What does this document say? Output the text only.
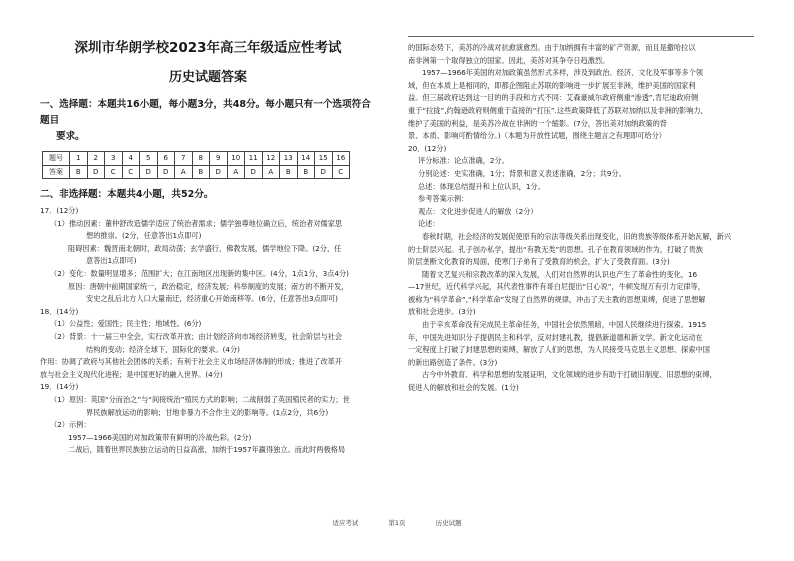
深圳市华朗学校2023年高三年级适应性考试
历史试题答案
一、选择题：本题共16小题，每小题3分，共48分。每小题只有一个选项符合题目
要求。
题号	1	2	3	4	5	6	7	8	9	10	11	12	13	14	15	16
答案	B	D	C	C	D	D	A	B	D	A	D	A	B	B	D	C
二、非选择题：本题共4小题，共52分。

17．(12分)

（1）推动因素：董仲舒改造儒学适应了统治者需求；儒学独尊地位确立后，统治者对儒家思

想的推崇。(2分，任意答出1点即可)

阻碍因素：魏晋南北朝时，政局动荡；玄学盛行，佛教发展，儒学地位下降。(2分，任

意答出1点即可)

（2）变化：数量明显增多；范围扩大；在江南地区出现新的集中区。(4分，1点1分，3点4分)

原因：唐朝中前期国家统一，政治稳定，经济发展；科举制度的发展；南方的不断开发，

安史之乱后北方人口大量南迁，经济重心开始南移等。(6分，任意答出3点即可)

18．(14分)

（1）公益性；爱国性；民主性；地域性。(6分)

（2）背景：十一届三中全会，实行改革开放；由计划经济向市场经济转变，社会阶层与社会

结构的变动；经济全球下，国际化的要求。(4分)

作用：协调了政府与其他社会团体的关系；有利于社会主义市场经济体制的形成；推进了改革开

放与社会主义现代化进程；是中国更好的融入世界。(4分)

19．(14分)

（1）原因：英国“分而治之”与“间接统治”殖民方式的影响；二战削弱了英国殖民者的实力；世

界民族解放运动的影响；甘地非暴力不合作主义的影响等。(1点2分，共6分)

（2）示例：

1957—1966美国的对加政策带有鲜明的冷战色彩。(2分)

二战后，随着世界民族独立运动的日益高涨，加纳于1957年赢得独立。而此时两极格局

的国际态势下，美苏的冷战对抗愈演愈烈。由于加纳拥有丰富的矿产资源，而且是撒哈拉以

南非洲第一个取得独立的国家。因此，美苏对其争夺日趋激烈。

1957—1966年美国的对加政策虽然形式多样，涉及到政治、经济、文化及军事等多个领

域，但在本质上是相同的，即都企图阻止苏联的影响进一步扩展至非洲，维护美国的国家利

益。但三届政府达到这一目的的手段和方式不同：艾森豪威尔政府侧重“渗透”,肯尼迪政府侧

重于“拉拢”,约翰逊政府则侧重于直接的“打压”.这些政策降低了苏联对加纳以及非洲的影响力，

维护了美国的利益，是美苏冷战在非洲的一个缩影。(7分，答出美对加纳政策的背

景、本质、影响可酌情给分。)（本题为开放性试题，围绕主题言之有理即可给分）

20．(12分)

评分标准：论点准确，2分。

分别论述：史实准确，1分；背景和意义表述准确，2分；共9分。

总述：体现总结提升和上位认识，1分。

参考答案示例：

观点：文化进步促进人的解放（2分）

论述：

春秋时期，社会经济的发展促使原有的宗法等级关系出现变化，旧的贵族等级体系开始瓦解，新兴

的士阶层兴起。孔子创办私学，提出“有教无类”的思想。孔子在教育领域的作为，打破了贵族

阶层垄断文化教育的局面，使寒门子弟有了受教育的机会，扩大了受教育面。(3分)

随着文艺复兴和宗教改革的深入发展，人们对自然界的认识也产生了革命性的变化，16

—17世纪，近代科学兴起，其代表性事件有哥白尼提出“日心说”，牛顿发现万有引力定律等，

被称为“科学革命”,“科学革命”发现了自然界的规律，冲击了天主教的思想束缚，促进了思想解

放和社会进步。(3分)

由于辛亥革命没有完成民主革命任务，中国社会依然黑暗，中国人民继续进行探索。1915

年，中国先进知识分子提倡民主和科学，反对封建礼教，提倡新道德和新文学。新文化运动在

一定程度上打破了封建思想的束缚，解放了人们的思想，为人民接受马克思主义思想、探索中国

的新出路创造了条件。(3分)

古今中外教育、科学和思想的发展证明，文化领域的进步有助于打破旧制度、旧思想的束缚，

促进人的解放和社会的发展。(1分)

适应考试	第1页	历史试题
